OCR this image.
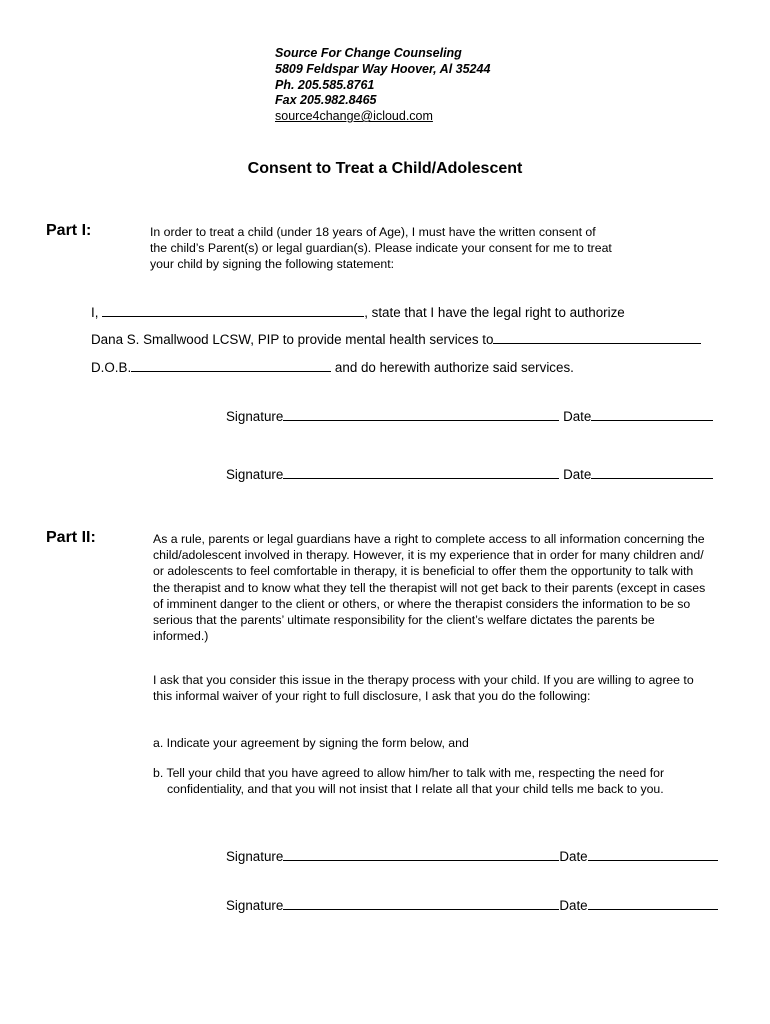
Source For Change Counseling
5809 Feldspar Way Hoover, Al 35244
Ph. 205.585.8761
Fax 205.982.8465
source4change@icloud.com
Consent to Treat a Child/Adolescent
Part I:	In order to treat a child (under 18 years of Age), I must have the written consent of
the child’s Parent(s) or legal guardian(s). Please indicate your consent for me to treat
your child by signing the following statement:
I,	, state that I have the legal right to authorize
Dana S. Smallwood LCSW, PIP to provide mental health services to
D.O.B.	and do herewith authorize said services.
Signature	Date
Signature	Date
Part II:	As a rule, parents or legal guardians have a right to complete access to all information concerning the
child/adolescent involved in therapy. However, it is my experience that in order for many children and/
or adolescents to feel comfortable in therapy, it is beneficial to offer them the opportunity to talk with
the therapist and to know what they tell the therapist will not get back to their parents (except in cases
of imminent danger to the client or others, or where the therapist considers the information to be so
serious that the parents’ ultimate responsibility for the client’s welfare dictates the parents be
informed.)
I ask that you consider this issue in the therapy process with your child. If you are willing to agree to
this informal waiver of your right to full disclosure, I ask that you do the following:
a. Indicate your agreement by signing the form below, and
b. Tell your child that you have agreed to allow him/her to talk with me, respecting the need for
confidentiality, and that you will not insist that I relate all that your child tells me back to you.
Signature	Date
Signature	Date
